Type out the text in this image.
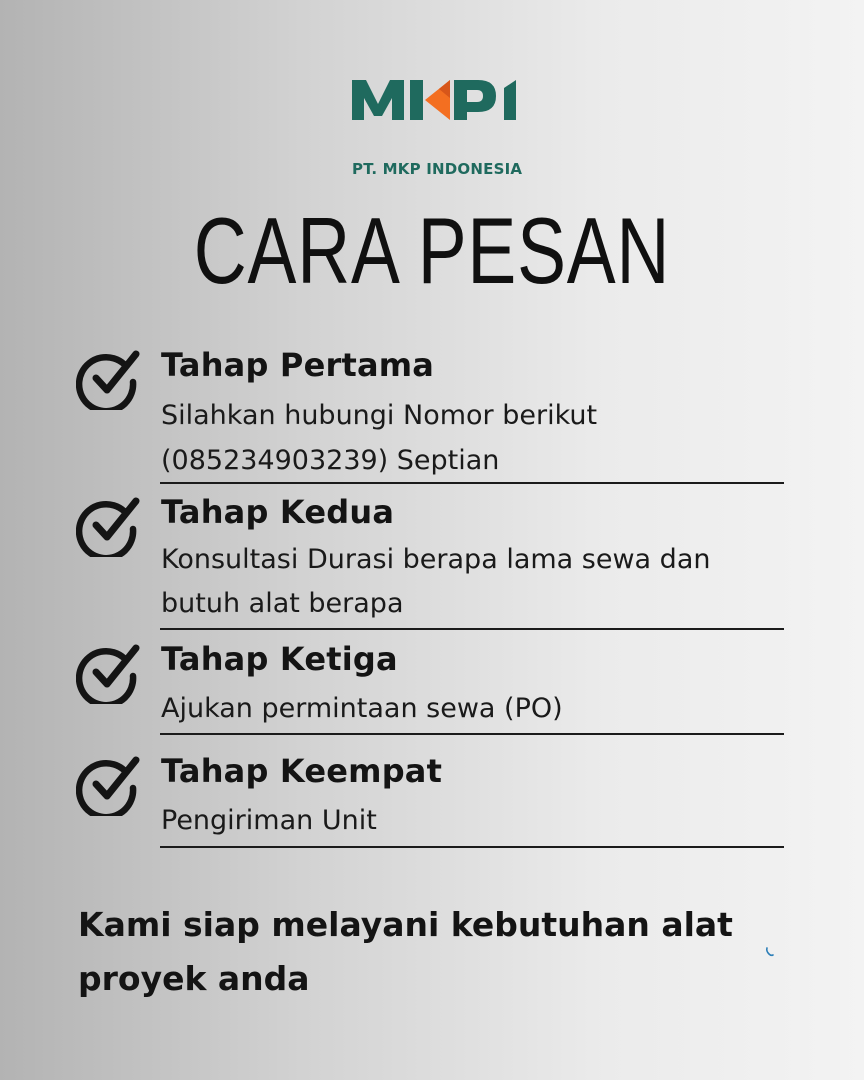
PT. MKP INDONESIA
CARA PESAN
Tahap Pertama
Silahkan hubungi Nomor berikut
(085234903239) Septian
Tahap Kedua
Konsultasi Durasi berapa lama sewa dan
butuh alat berapa
Tahap Ketiga
Ajukan permintaan sewa (PO)
Tahap Keempat
Pengiriman Unit
Kami siap melayani kebutuhan alat
proyek anda
